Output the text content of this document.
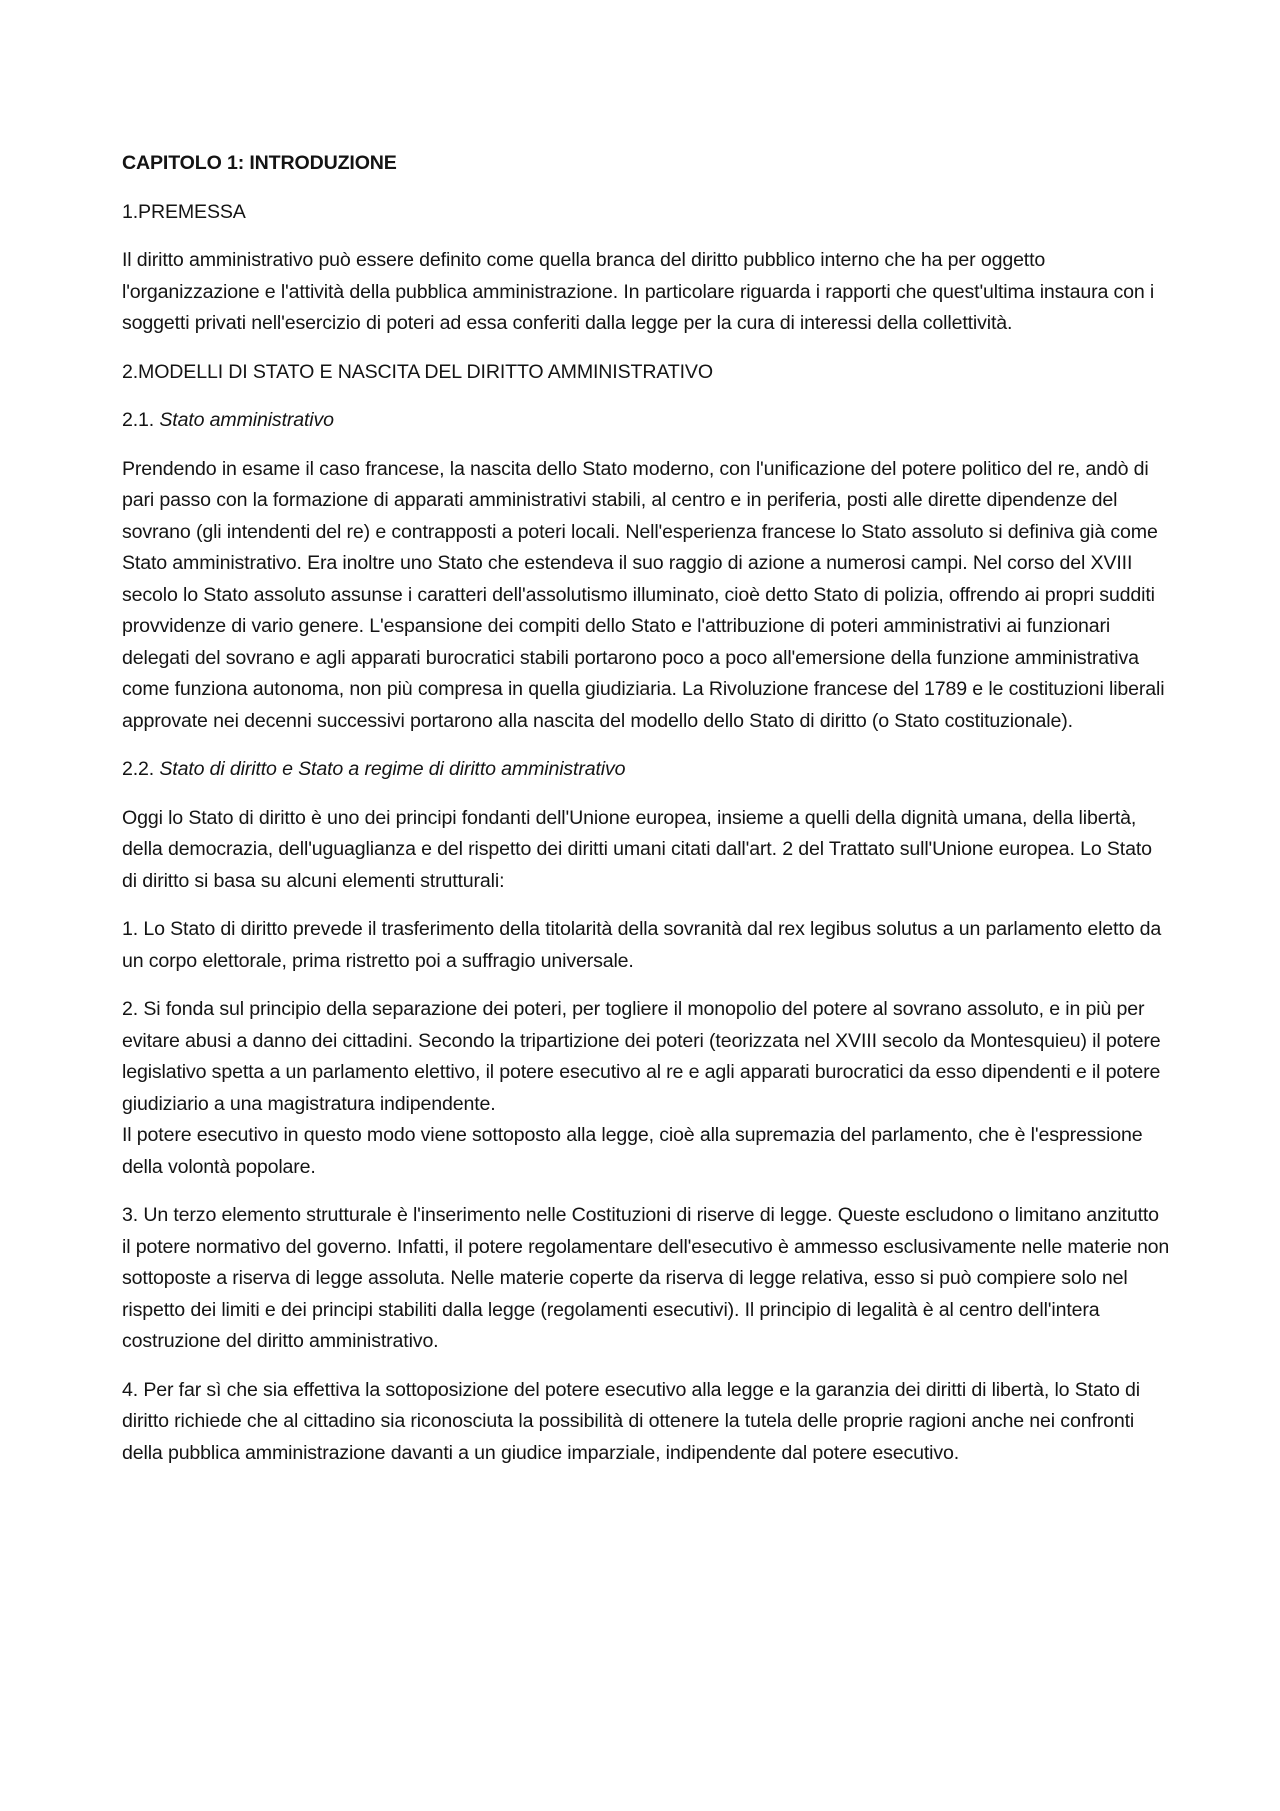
CAPITOLO 1: INTRODUZIONE

1.PREMESSA

Il diritto amministrativo può essere definito come quella branca del diritto pubblico interno che ha per oggetto l'organizzazione e l'attività della pubblica amministrazione. In particolare riguarda i rapporti che quest'ultima instaura con i soggetti privati nell'esercizio di poteri ad essa conferiti dalla legge per la cura di interessi della collettività.

2.MODELLI DI STATO E NASCITA DEL DIRITTO AMMINISTRATIVO

2.1. Stato amministrativo

Prendendo in esame il caso francese, la nascita dello Stato moderno, con l'unificazione del potere politico del re, andò di pari passo con la formazione di apparati amministrativi stabili, al centro e in periferia, posti alle dirette dipendenze del sovrano (gli intendenti del re) e contrapposti a poteri locali. Nell'esperienza francese lo Stato assoluto si definiva già come Stato amministrativo. Era inoltre uno Stato che estendeva il suo raggio di azione a numerosi campi. Nel corso del XVIII secolo lo Stato assoluto assunse i caratteri dell'assolutismo illuminato, cioè detto Stato di polizia, offrendo ai propri sudditi provvidenze di vario genere. L'espansione dei compiti dello Stato e l'attribuzione di poteri amministrativi ai funzionari delegati del sovrano e agli apparati burocratici stabili portarono poco a poco all'emersione della funzione amministrativa come funziona autonoma, non più compresa in quella giudiziaria. La Rivoluzione francese del 1789 e le costituzioni liberali approvate nei decenni successivi portarono alla nascita del modello dello Stato di diritto (o Stato costituzionale).

2.2. Stato di diritto e Stato a regime di diritto amministrativo

Oggi lo Stato di diritto è uno dei principi fondanti dell'Unione europea, insieme a quelli della dignità umana, della libertà, della democrazia, dell'uguaglianza e del rispetto dei diritti umani citati dall'art. 2 del Trattato sull'Unione europea. Lo Stato di diritto si basa su alcuni elementi strutturali:

1. Lo Stato di diritto prevede il trasferimento della titolarità della sovranità dal rex legibus solutus a un parlamento eletto da un corpo elettorale, prima ristretto poi a suffragio universale.

2. Si fonda sul principio della separazione dei poteri, per togliere il monopolio del potere al sovrano assoluto, e in più per evitare abusi a danno dei cittadini. Secondo la tripartizione dei poteri (teorizzata nel XVIII secolo da Montesquieu) il potere legislativo spetta a un parlamento elettivo, il potere esecutivo al re e agli apparati burocratici da esso dipendenti e il potere giudiziario a una magistratura indipendente.
Il potere esecutivo in questo modo viene sottoposto alla legge, cioè alla supremazia del parlamento, che è l'espressione della volontà popolare.

3. Un terzo elemento strutturale è l'inserimento nelle Costituzioni di riserve di legge. Queste escludono o limitano anzitutto il potere normativo del governo. Infatti, il potere regolamentare dell'esecutivo è ammesso esclusivamente nelle materie non sottoposte a riserva di legge assoluta. Nelle materie coperte da riserva di legge relativa, esso si può compiere solo nel rispetto dei limiti e dei principi stabiliti dalla legge (regolamenti esecutivi). Il principio di legalità è al centro dell'intera costruzione del diritto amministrativo.

4. Per far sì che sia effettiva la sottoposizione del potere esecutivo alla legge e la garanzia dei diritti di libertà, lo Stato di diritto richiede che al cittadino sia riconosciuta la possibilità di ottenere la tutela delle proprie ragioni anche nei confronti della pubblica amministrazione davanti a un giudice imparziale, indipendente dal potere esecutivo.
